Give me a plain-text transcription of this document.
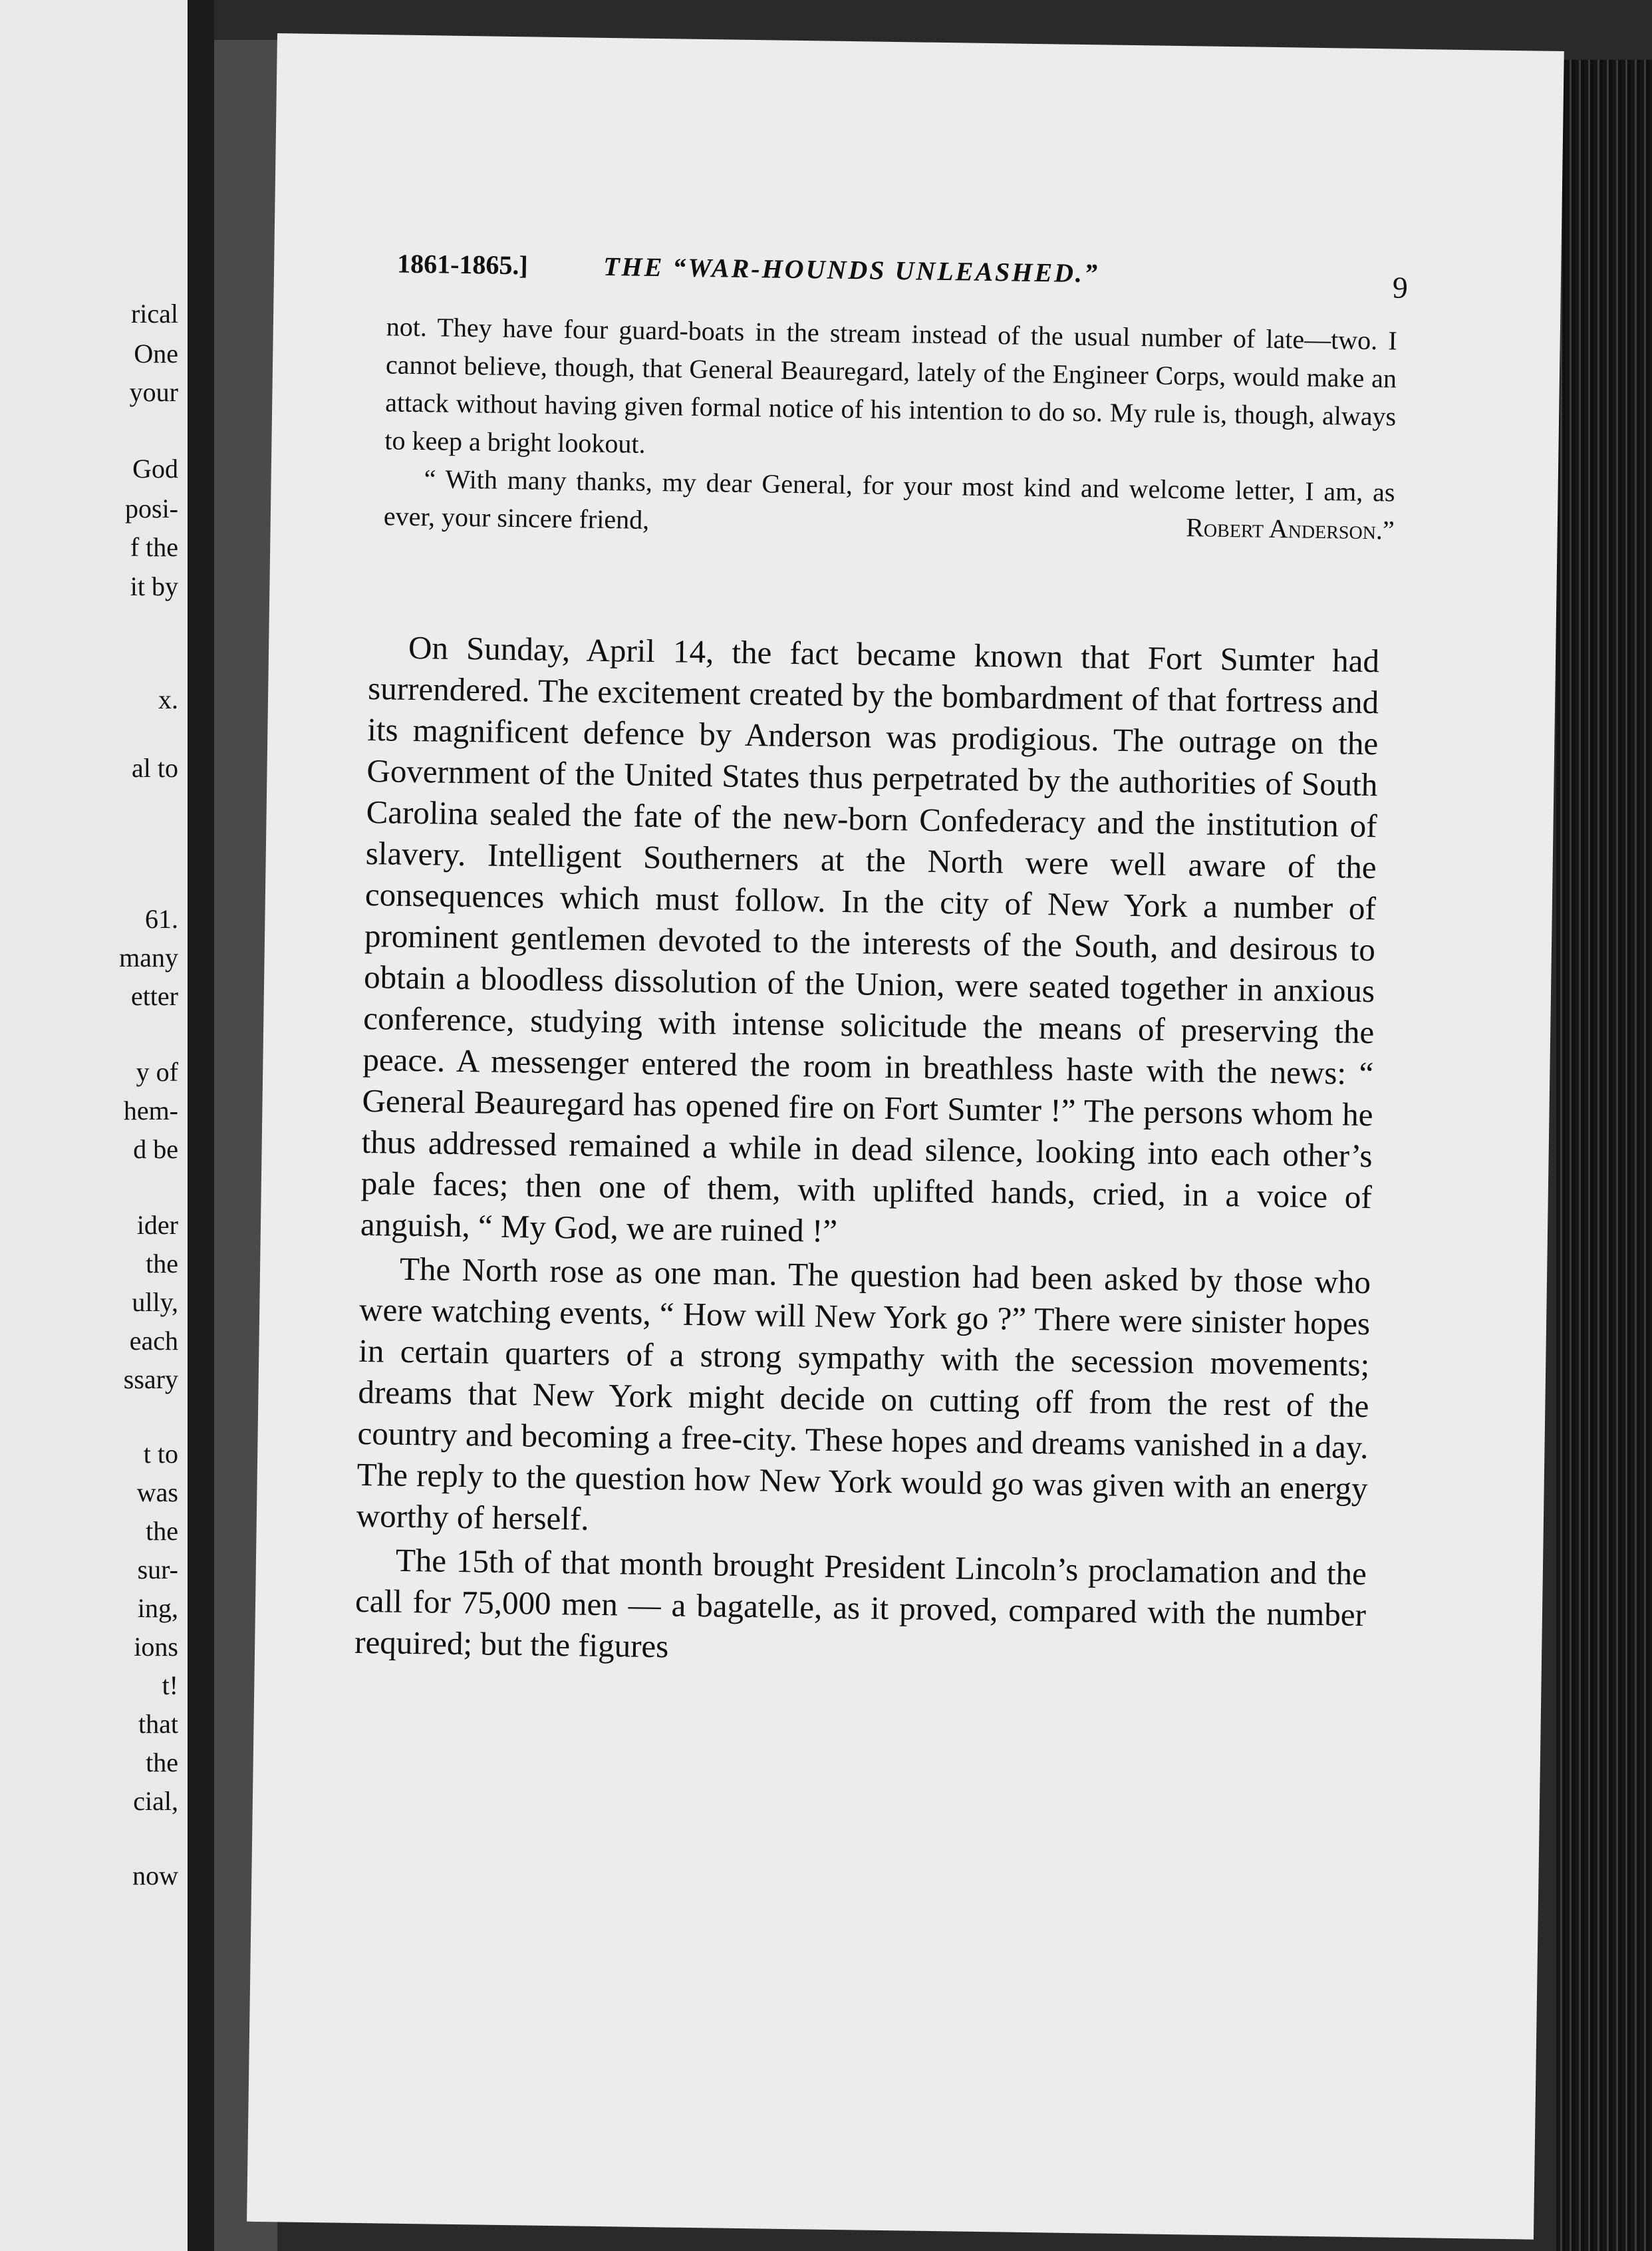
rical
One
your
God
posi-
f the
it by
x.
al to
61.
many
etter
y of
hem-
d be
ider
the
ully,
each
ssary
t to
was
the
sur-
ing,
ions
t!
that
the
cial,
now
1861-1865.]	THE “WAR-HOUNDS UNLEASHED.”	9

not. They have four guard-boats in the stream instead of the usual number of late—two. I cannot believe, though, that General Beauregard, lately of the Engineer Corps, would make an attack without having given formal notice of his intention to do so. My rule is, though, always to keep a bright lookout.

“ With many thanks, my dear General, for your most kind and welcome letter, I am, as ever, your sincere friend,	Robert Anderson.”

On Sunday, April 14, the fact became known that Fort Sumter had surrendered. The excitement created by the bombardment of that fortress and its magnificent defence by Anderson was prodigious. The outrage on the Government of the United States thus perpetrated by the authorities of South Carolina sealed the fate of the new-born Confederacy and the institution of slavery. Intelligent Southerners at the North were well aware of the consequences which must follow. In the city of New York a number of prominent gentlemen devoted to the interests of the South, and desirous to obtain a bloodless dissolution of the Union, were seated together in anxious conference, studying with intense solicitude the means of preserving the peace. A messenger entered the room in breathless haste with the news: “ General Beauregard has opened fire on Fort Sumter !” The persons whom he thus addressed remained a while in dead silence, looking into each other’s pale faces; then one of them, with uplifted hands, cried, in a voice of anguish, “ My God, we are ruined !”

The North rose as one man. The question had been asked by those who were watching events, “ How will New York go ?” There were sinister hopes in certain quarters of a strong sympathy with the secession movements; dreams that New York might decide on cutting off from the rest of the country and becoming a free-city. These hopes and dreams vanished in a day. The reply to the question how New York would go was given with an energy worthy of herself.

The 15th of that month brought President Lincoln’s proclamation and the call for 75,000 men — a bagatelle, as it proved, compared with the number required; but the figures
